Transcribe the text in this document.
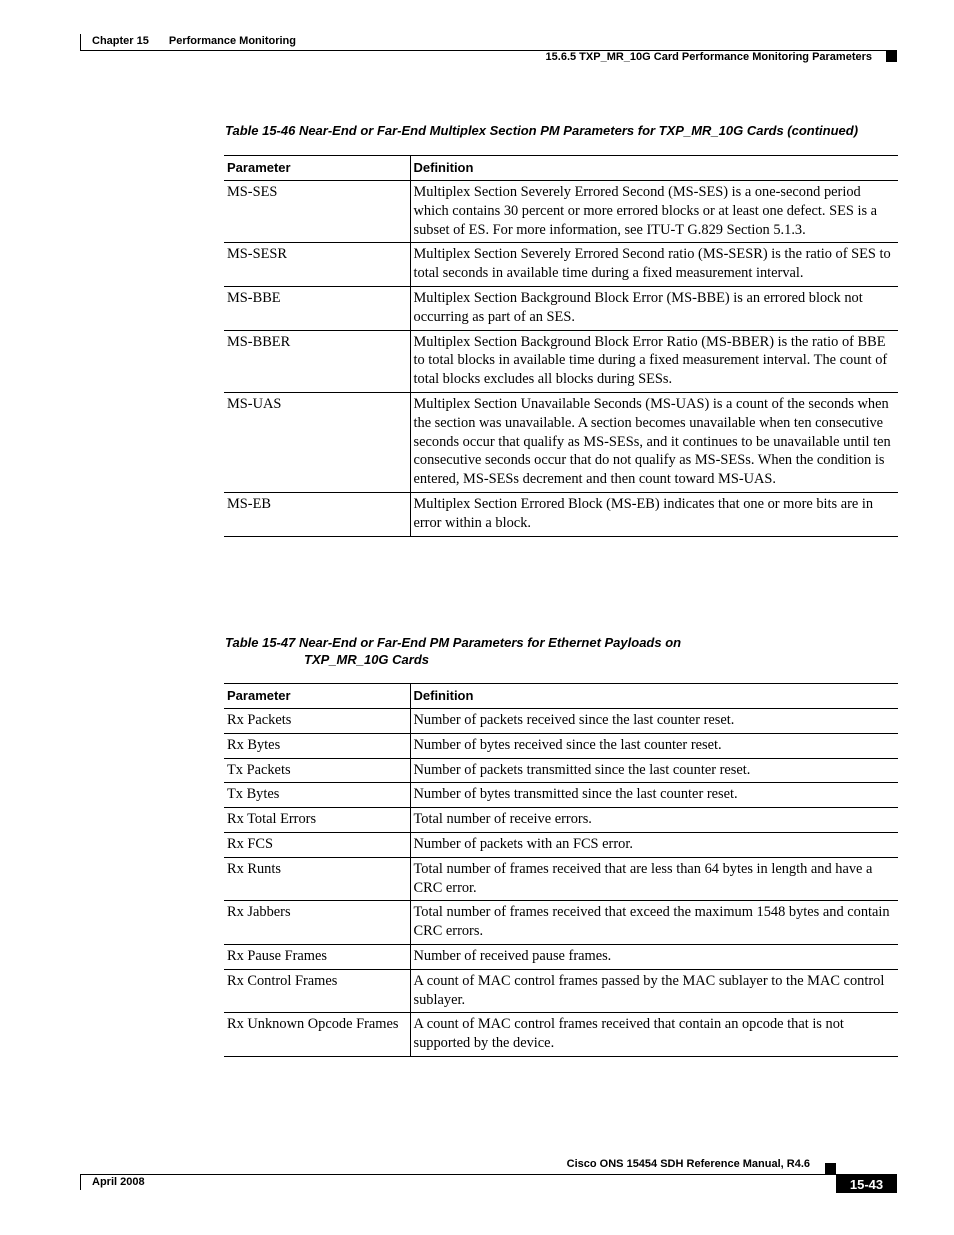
Chapter 15 Performance Monitoring
15.6.5 TXP_MR_10G Card Performance Monitoring Parameters
Table 15-46 Near-End or Far-End Multiplex Section PM Parameters for TXP_MR_10G Cards (continued)
Parameter	Definition
MS-SES	Multiplex Section Severely Errored Second (MS-SES) is a one-second period which contains 30 percent or more errored blocks or at least one defect. SES is a subset of ES. For more information, see ITU-T G.829 Section 5.1.3.
MS-SESR	Multiplex Section Severely Errored Second ratio (MS-SESR) is the ratio of SES to total seconds in available time during a fixed measurement interval.
MS-BBE	Multiplex Section Background Block Error (MS-BBE) is an errored block not occurring as part of an SES.
MS-BBER	Multiplex Section Background Block Error Ratio (MS-BBER) is the ratio of BBE to total blocks in available time during a fixed measurement interval. The count of total blocks excludes all blocks during SESs.
MS-UAS	Multiplex Section Unavailable Seconds (MS-UAS) is a count of the seconds when the section was unavailable. A section becomes unavailable when ten consecutive seconds occur that qualify as MS-SESs, and it continues to be unavailable until ten consecutive seconds occur that do not qualify as MS-SESs. When the condition is entered, MS-SESs decrement and then count toward MS-UAS.
MS-EB	Multiplex Section Errored Block (MS-EB) indicates that one or more bits are in error within a block.
Table 15-47 Near-End or Far-End PM Parameters for Ethernet Payloads on
TXP_MR_10G Cards
Parameter	Definition
Rx Packets	Number of packets received since the last counter reset.
Rx Bytes	Number of bytes received since the last counter reset.
Tx Packets	Number of packets transmitted since the last counter reset.
Tx Bytes	Number of bytes transmitted since the last counter reset.
Rx Total Errors	Total number of receive errors.
Rx FCS	Number of packets with an FCS error.
Rx Runts	Total number of frames received that are less than 64 bytes in length and have a CRC error.
Rx Jabbers	Total number of frames received that exceed the maximum 1548 bytes and contain CRC errors.
Rx Pause Frames	Number of received pause frames.
Rx Control Frames	A count of MAC control frames passed by the MAC sublayer to the MAC control sublayer.
Rx Unknown Opcode Frames	A count of MAC control frames received that contain an opcode that is not supported by the device.
Cisco ONS 15454 SDH Reference Manual, R4.6
April 2008	15-43
